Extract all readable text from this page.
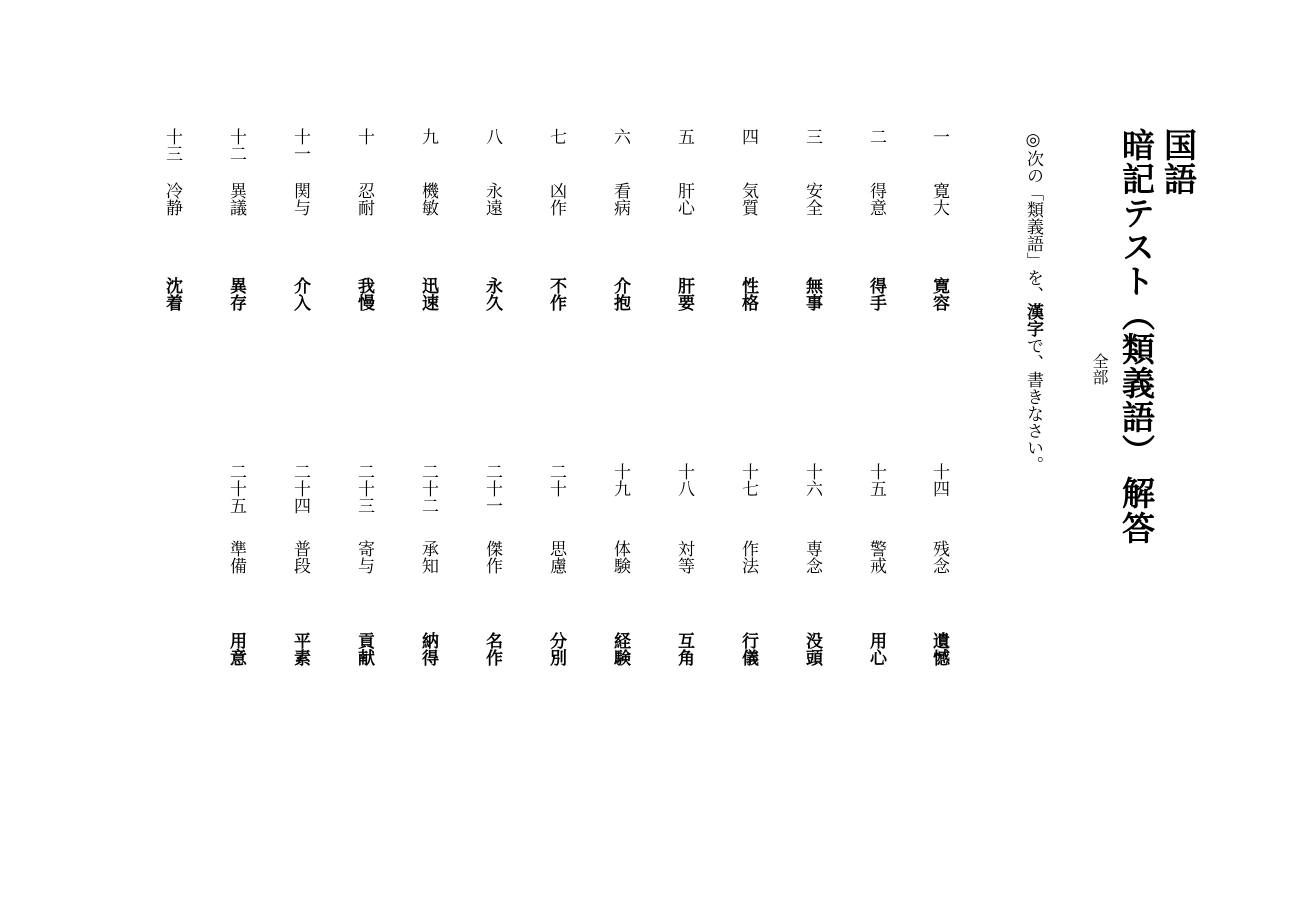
国語
暗記テスト（類義語）
解答
全部
◎次の「類義語」を、漢字で、書きなさい。
一
寛大
寛容
二
得意
得手
三
安全
無事
四
気質
性格
五
肝心
肝要
六
看病
介抱
七
凶作
不作
八
永遠
永久
九
機敏
迅速
十
忍耐
我慢
十一
関与
介入
十二
異議
異存
十三
冷静
沈着
十四
残念
遺憾
十五
警戒
用心
十六
専念
没頭
十七
作法
行儀
十八
対等
互角
十九
体験
経験
二十
思慮
分別
二十一
傑作
名作
二十二
承知
納得
二十三
寄与
貢献
二十四
普段
平素
二十五
準備
用意
